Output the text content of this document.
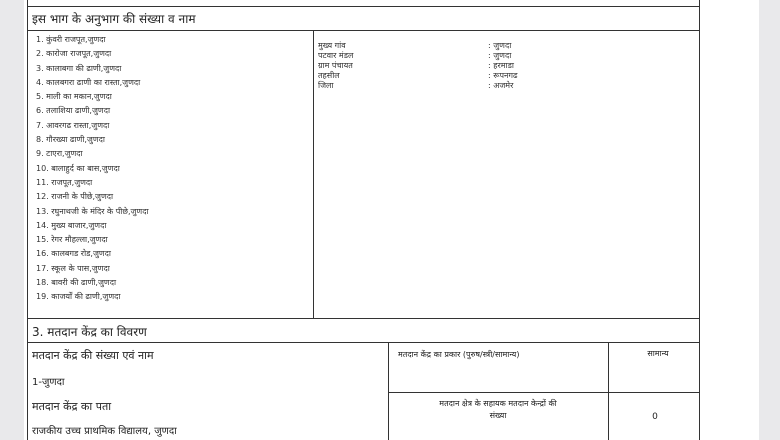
इस भाग के अनुभाग की संख्या व नाम
1. कुंवरी राजपूत,जुणदा
2. कारोजा राजपूत,जुणदा
3. कालाबगा की ढाणी,जुणदा
4. कालबगरा ढाणी का रास्ता,जुणदा
5. माली का मकान,जुणदा
6. तलाशिया ढाणी,जुणदा
7. आवरगढ रास्ता,जुणदा
8. गौरख्या ढाणी,जुणदा
9. टाएरा,जुणदा
10. बालाहुर्द का बास,जुणदा
11. राजपूत,जुणदा
12. राजनी के पीछे,जुणदा
13. रघुनाथजी के मंदिर के पीछे,जुणदा
14. मुख्य बाजार,जुणदा
15. रेगर मौहल्ला,जुणदा
16. कालबगड रोड,जुणदा
17. स्कूल के पास,जुणदा
18. बावरी की ढाणी,जुणदा
19. काजर्यों की ढाणी,जुणदा
मुख्य गांव	: जुणदा
पटवार मंडल	: जुणदा
ग्राम पंचायत	: हरमाडा
तहसील	: रूपनगढ
जिला	: अजमेर
3. मतदान केंद्र का विवरण
मतदान केंद्र की संख्या एवं नाम
1-जुणदा
मतदान केंद्र का पता
राजकीय उच्च प्राथमिक विद्यालय, जुणदा
मतदान केंद्र का प्रकार (पुरुष/स्त्री/सामान्य)	सामान्य
मतदान क्षेत्र के सहायक मतदान केन्द्रों की
संख्या	0
